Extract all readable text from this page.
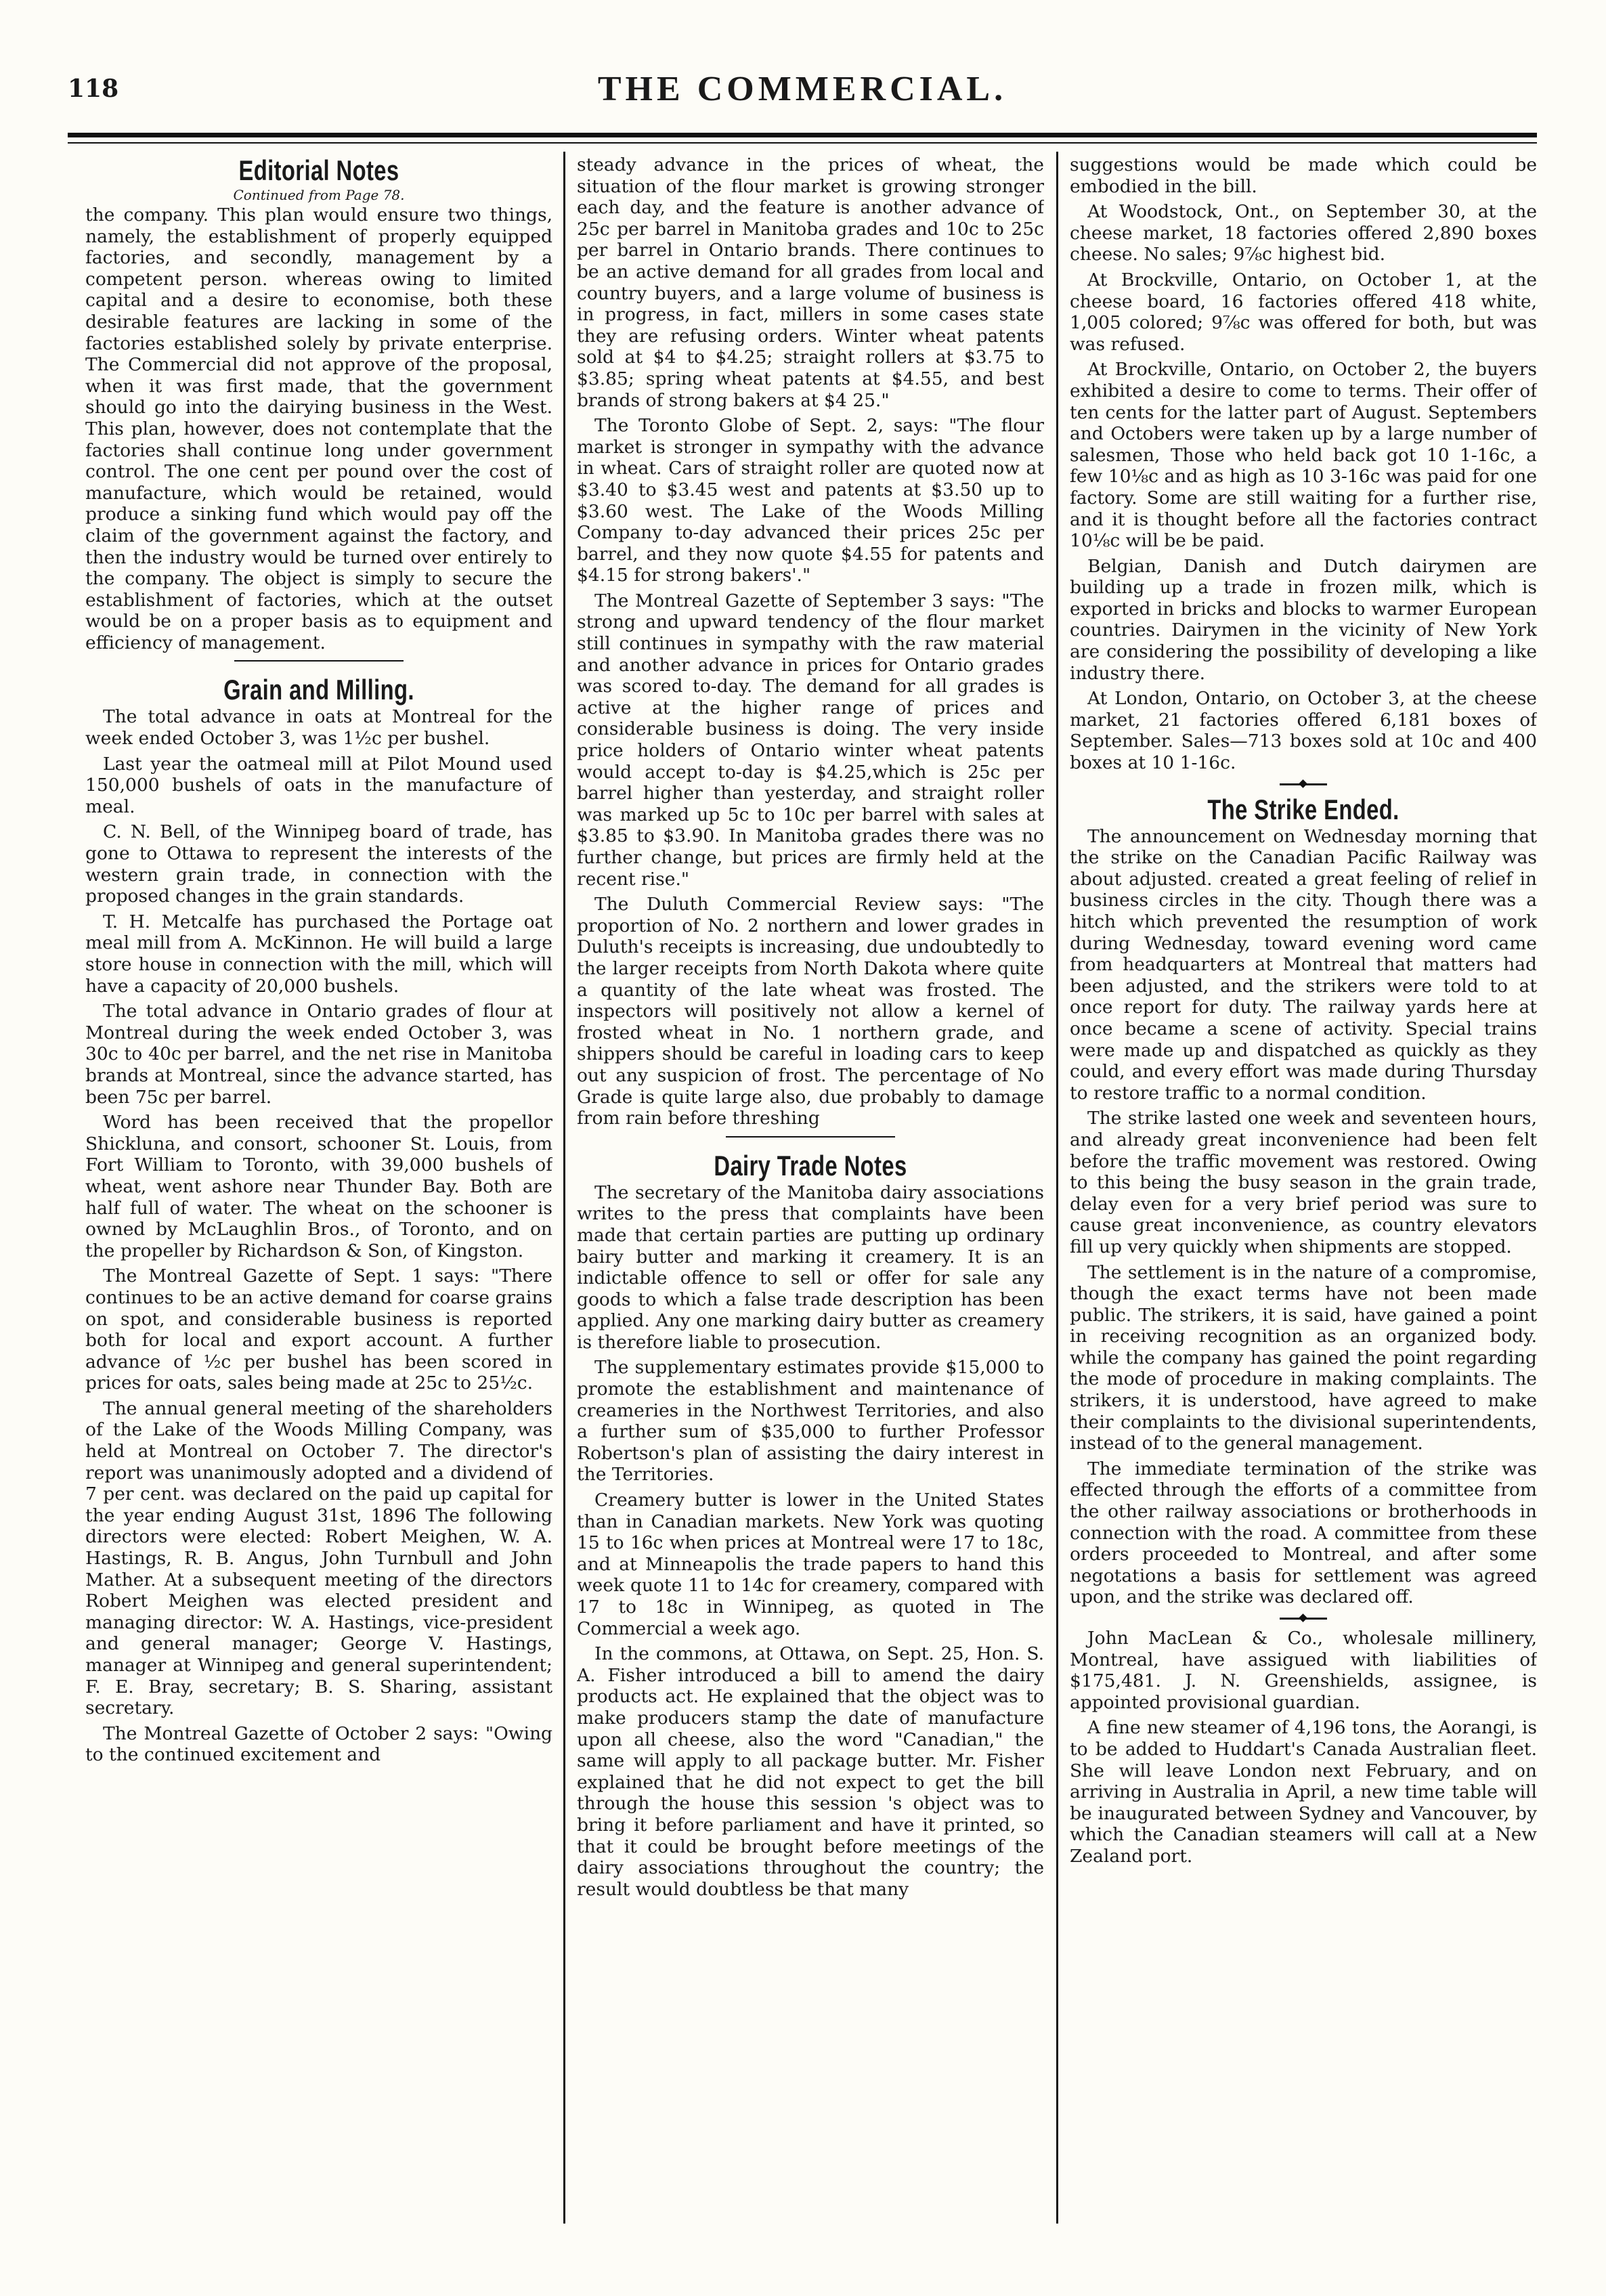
118	THE COMMERCIAL.
Editorial Notes
Continued from Page 78.

the company. This plan would ensure two things, namely, the establishment of properly equipped factories, and secondly, management by a competent person. whereas owing to limited capital and a desire to economise, both these desirable features are lacking in some of the factories established solely by private enterprise. The Commercial did not approve of the proposal, when it was first made, that the government should go into the dairying business in the West. This plan, however, does not contemplate that the factories shall continue long under government control. The one cent per pound over the cost of manufacture, which would be retained, would produce a sinking fund which would pay off the claim of the government against the factory, and then the industry would be turned over entirely to the company. The object is simply to secure the establishment of factories, which at the outset would be on a proper basis as to equipment and efficiency of management.

Grain and Milling.

The total advance in oats at Montreal for the week ended October 3, was 1½c per bushel.

Last year the oatmeal mill at Pilot Mound used 150,000 bushels of oats in the manufacture of meal.

C. N. Bell, of the Winnipeg board of trade, has gone to Ottawa to represent the interests of the western grain trade, in connection with the proposed changes in the grain standards.

T. H. Metcalfe has purchased the Portage oat meal mill from A. McKinnon. He will build a large store house in connection with the mill, which will have a capacity of 20,000 bushels.

The total advance in Ontario grades of flour at Montreal during the week ended October 3, was 30c to 40c per barrel, and the net rise in Manitoba brands at Montreal, since the advance started, has been 75c per barrel.

Word has been received that the propellor Shickluna, and consort, schooner St. Louis, from Fort William to Toronto, with 39,000 bushels of wheat, went ashore near Thunder Bay. Both are half full of water. The wheat on the schooner is owned by McLaughlin Bros., of Toronto, and on the propeller by Richardson & Son, of Kingston.

The Montreal Gazette of Sept. 1 says: "There continues to be an active demand for coarse grains on spot, and considerable business is reported both for local and export account. A further advance of ½c per bushel has been scored in prices for oats, sales being made at 25c to 25½c.

The annual general meeting of the shareholders of the Lake of the Woods Milling Company, was held at Montreal on October 7. The director's report was unanimously adopted and a dividend of 7 per cent. was declared on the paid up capital for the year ending August 31st, 1896 The following directors were elected: Robert Meighen, W. A. Hastings, R. B. Angus, John Turnbull and John Mather. At a subsequent meeting of the directors Robert Meighen was elected president and managing director: W. A. Hastings, vice-president and general manager; George V. Hastings, manager at Winnipeg and general superintendent; F. E. Bray, secretary; B. S. Sharing, assistant secretary.

The Montreal Gazette of October 2 says: "Owing to the continued excitement and

steady advance in the prices of wheat, the situation of the flour market is growing stronger each day, and the feature is another advance of 25c per barrel in Manitoba grades and 10c to 25c per barrel in Ontario brands. There continues to be an active demand for all grades from local and country buyers, and a large volume of business is in progress, in fact, millers in some cases state they are refusing orders. Winter wheat patents sold at $4 to $4.25; straight rollers at $3.75 to $3.85; spring wheat patents at $4.55, and best brands of strong bakers at $4 25."

The Toronto Globe of Sept. 2, says: "The flour market is stronger in sympathy with the advance in wheat. Cars of straight roller are quoted now at $3.40 to $3.45 west and patents at $3.50 up to $3.60 west. The Lake of the Woods Milling Company to-day advanced their prices 25c per barrel, and they now quote $4.55 for patents and $4.15 for strong bakers'."

The Montreal Gazette of September 3 says: "The strong and upward tendency of the flour market still continues in sympathy with the raw material and another advance in prices for Ontario grades was scored to-day. The demand for all grades is active at the higher range of prices and considerable business is doing. The very inside price holders of Ontario winter wheat patents would accept to-day is $4.25,which is 25c per barrel higher than yesterday, and straight roller was marked up 5c to 10c per barrel with sales at $3.85 to $3.90. In Manitoba grades there was no further change, but prices are firmly held at the recent rise."

The Duluth Commercial Review says: "The proportion of No. 2 northern and lower grades in Duluth's receipts is increasing, due undoubtedly to the larger receipts from North Dakota where quite a quantity of the late wheat was frosted. The inspectors will positively not allow a kernel of frosted wheat in No. 1 northern grade, and shippers should be careful in loading cars to keep out any suspicion of frost. The percentage of No Grade is quite large also, due probably to damage from rain before threshing

Dairy Trade Notes

The secretary of the Manitoba dairy associations writes to the press that complaints have been made that certain parties are putting up ordinary bairy butter and marking it creamery. It is an indictable offence to sell or offer for sale any goods to which a false trade description has been applied. Any one marking dairy butter as creamery is therefore liable to prosecution.

The supplementary estimates provide $15,000 to promote the establishment and maintenance of creameries in the Northwest Territories, and also a further sum of $35,000 to further Professor Robertson's plan of assisting the dairy interest in the Territories.

Creamery butter is lower in the United States than in Canadian markets. New York was quoting 15 to 16c when prices at Montreal were 17 to 18c, and at Minneapolis the trade papers to hand this week quote 11 to 14c for creamery, compared with 17 to 18c in Winnipeg, as quoted in The Commercial a week ago.

In the commons, at Ottawa, on Sept. 25, Hon. S. A. Fisher introduced a bill to amend the dairy products act. He explained that the object was to make producers stamp the date of manufacture upon all cheese, also the word "Canadian," the same will apply to all package butter. Mr. Fisher explained that he did not expect to get the bill through the house this session 's object was to bring it before parliament and have it printed, so that it could be brought before meetings of the dairy associations throughout the country; the result would doubtless be that many

suggestions would be made which could be embodied in the bill.

At Woodstock, Ont., on September 30, at the cheese market, 18 factories offered 2,890 boxes cheese. No sales; 9⅞c highest bid.

At Brockville, Ontario, on October 1, at the cheese board, 16 factories offered 418 white, 1,005 colored; 9⅞c was offered for both, but was was refused.

At Brockville, Ontario, on October 2, the buyers exhibited a desire to come to terms. Their offer of ten cents for the latter part of August. Septembers and Octobers were taken up by a large number of salesmen, Those who held back got 10 1-16c, a few 10⅛c and as high as 10 3-16c was paid for one factory. Some are still waiting for a further rise, and it is thought before all the factories contract 10⅛c will be be paid.

Belgian, Danish and Dutch dairymen are building up a trade in frozen milk, which is exported in bricks and blocks to warmer European countries. Dairymen in the vicinity of New York are considering the possibility of developing a like industry there.

At London, Ontario, on October 3, at the cheese market, 21 factories offered 6,181 boxes of September. Sales—713 boxes sold at 10c and 400 boxes at 10 1-16c.

The Strike Ended.

The announcement on Wednesday morning that the strike on the Canadian Pacific Railway was about adjusted. created a great feeling of relief in business circles in the city. Though there was a hitch which prevented the resumption of work during Wednesday, toward evening word came from headquarters at Montreal that matters had been adjusted, and the strikers were told to at once report for duty. The railway yards here at once became a scene of activity. Special trains were made up and dispatched as quickly as they could, and every effort was made during Thursday to restore traffic to a normal condition.

The strike lasted one week and seventeen hours, and already great inconvenience had been felt before the traffic movement was restored. Owing to this being the busy season in the grain trade, delay even for a very brief period was sure to cause great inconvenience, as country elevators fill up very quickly when shipments are stopped.

The settlement is in the nature of a compromise, though the exact terms have not been made public. The strikers, it is said, have gained a point in receiving recognition as an organized body. while the company has gained the point regarding the mode of procedure in making complaints. The strikers, it is understood, have agreed to make their complaints to the divisional superintendents, instead of to the general management.

The immediate termination of the strike was effected through the efforts of a committee from the other railway associations or brotherhoods in connection with the road. A committee from these orders proceeded to Montreal, and after some negotations a basis for settlement was agreed upon, and the strike was declared off.

John MacLean & Co., wholesale millinery, Montreal, have assigued with liabilities of $175,481. J. N. Greenshields, assignee, is appointed provisional guardian.

A fine new steamer of 4,196 tons, the Aorangi, is to be added to Huddart's Canada Australian fleet. She will leave London next February, and on arriving in Australia in April, a new time table will be inaugurated between Sydney and Vancouver, by which the Canadian steamers will call at a New Zealand port.
